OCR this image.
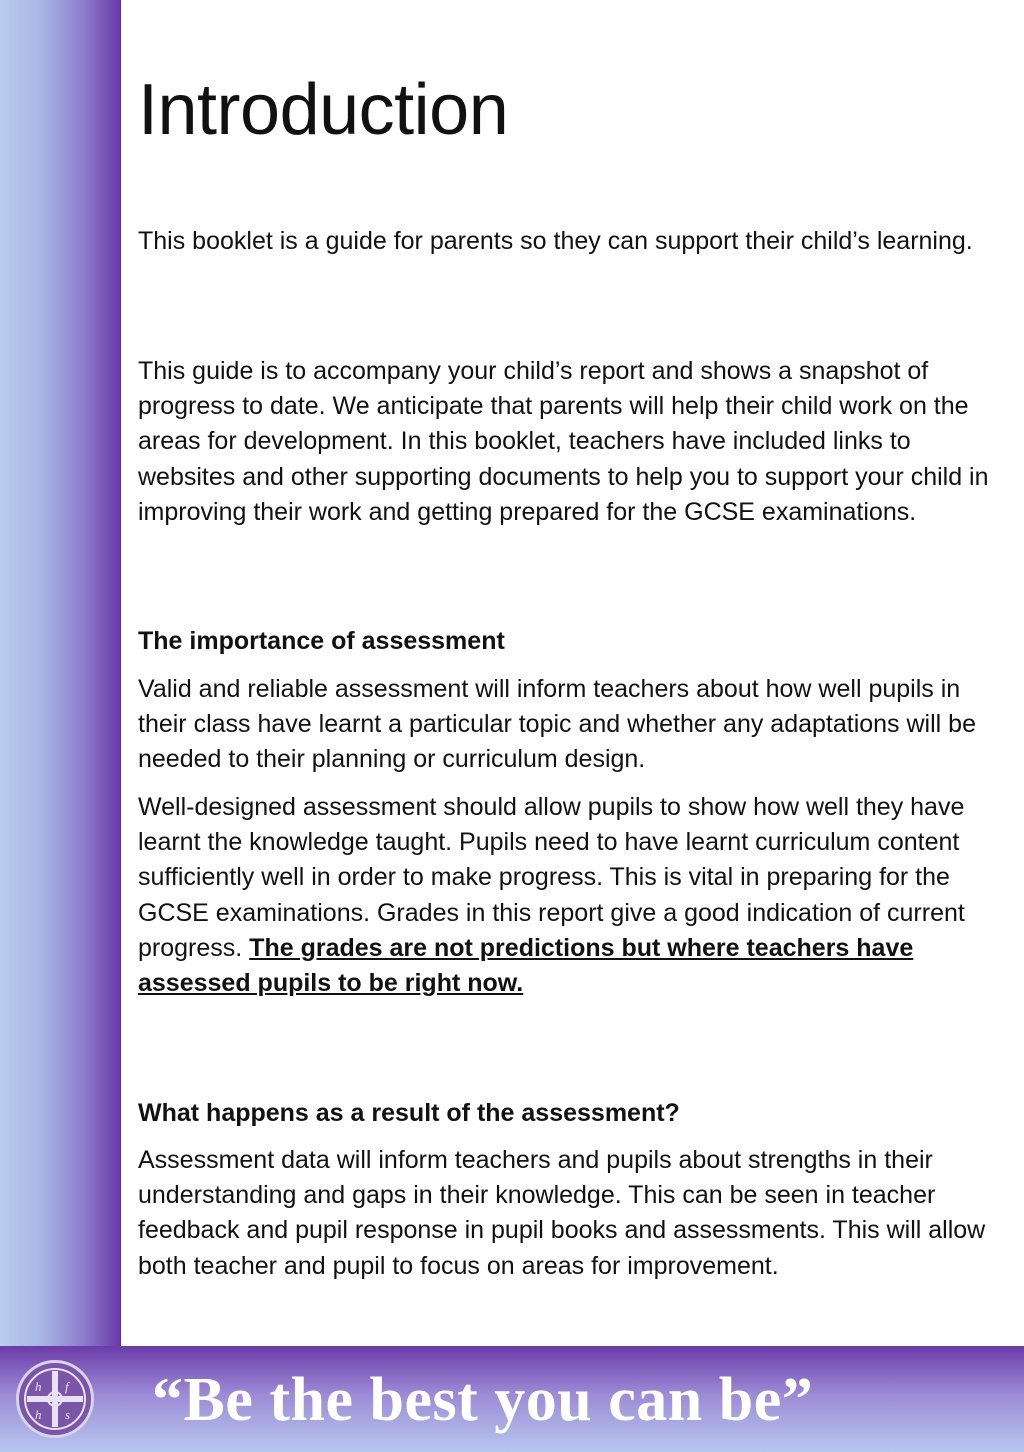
Introduction

This booklet is a guide for parents so they can support their child’s learning.

This guide is to accompany your child’s report and shows a snapshot of progress to date. We anticipate that parents will help their child work on the areas for development. In this booklet, teachers have included links to websites and other supporting documents to help you to support your child in improving their work and getting prepared for the GCSE examinations.

The importance of assessment

Valid and reliable assessment will inform teachers about how well pupils in their class have learnt a particular topic and whether any adaptations will be needed to their planning or curriculum design.

Well-designed assessment should allow pupils to show how well they have learnt the knowledge taught. Pupils need to have learnt curriculum content sufficiently well in order to make progress. This is vital in preparing for the GCSE examinations. Grades in this report give a good indication of current progress. The grades are not predictions but where teachers have assessed pupils to be right now.

What happens as a result of the assessment?

Assessment data will inform teachers and pupils about strengths in their understanding and gaps in their knowledge. This can be seen in teacher feedback and pupil response in pupil books and assessments. This will allow both teacher and pupil to focus on areas for improvement.

h f
h s “Be the best you can be”
